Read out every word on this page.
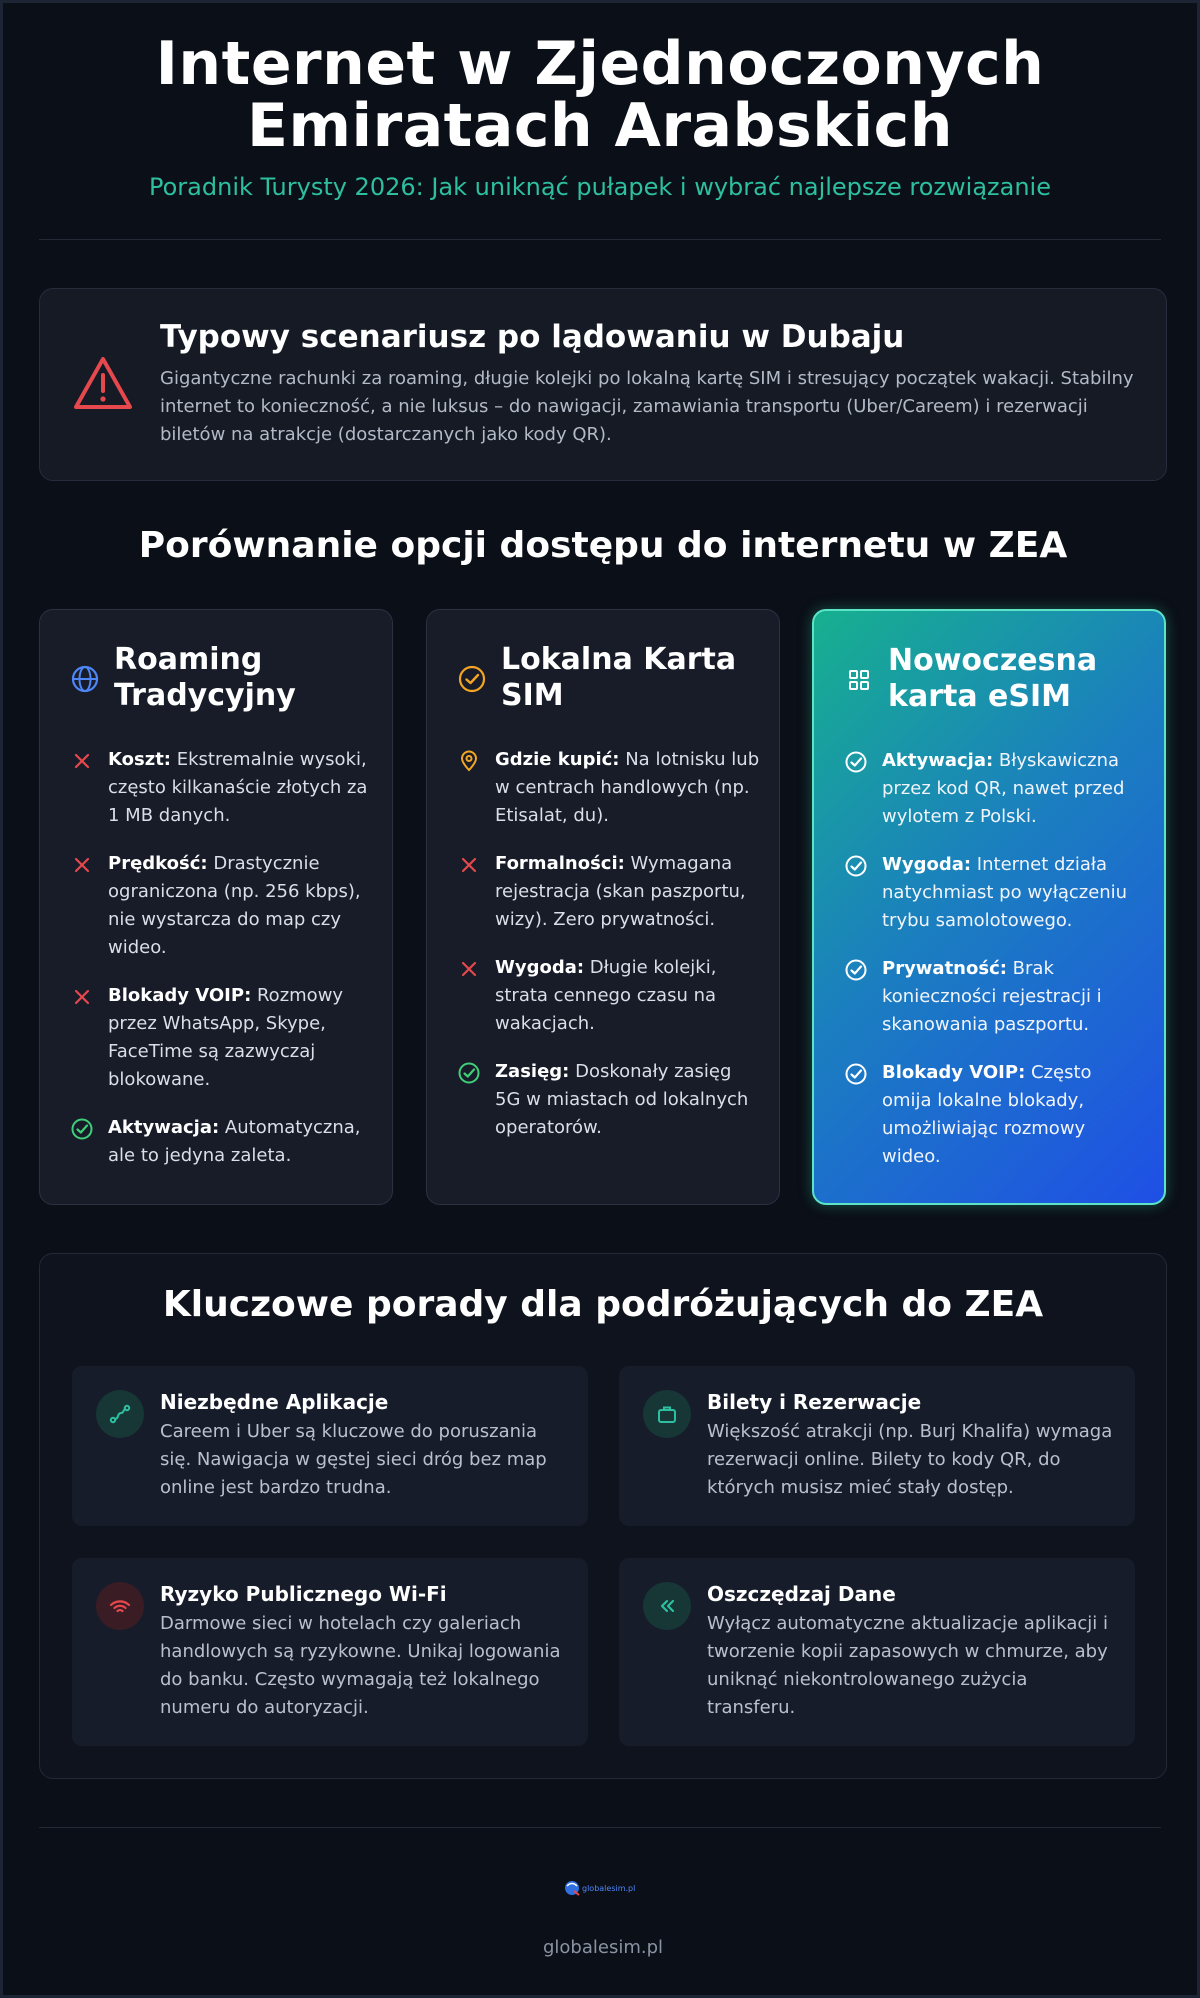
Internet w Zjednoczonych
Emiratach Arabskich
Poradnik Turysty 2026: Jak uniknąć pułapek i wybrać najlepsze rozwiązanie
Typowy scenariusz po lądowaniu w Dubaju

Gigantyczne rachunki za roaming, długie kolejki po lokalną kartę SIM i stresujący początek wakacji. Stabilny internet to konieczność, a nie luksus – do nawigacji, zamawiania transportu (Uber/Careem) i rezerwacji biletów na atrakcje (dostarczanych jako kody QR).

Porównanie opcji dostępu do internetu w ZEA
Roaming
Tradycyjny
Koszt: Ekstremalnie wysoki, często kilkanaście złotych za 1 MB danych.
Prędkość: Drastycznie ograniczona (np. 256 kbps), nie wystarcza do map czy wideo.
Blokady VOIP: Rozmowy przez WhatsApp, Skype, FaceTime są zazwyczaj blokowane.
Aktywacja: Automatyczna, ale to jedyna zaleta.
Lokalna Karta
SIM
Gdzie kupić: Na lotnisku lub w centrach handlowych (np. Etisalat, du).
Formalności: Wymagana rejestracja (skan paszportu, wizy). Zero prywatności.
Wygoda: Długie kolejki, strata cennego czasu na wakacjach.
Zasięg: Doskonały zasięg 5G w miastach od lokalnych operatorów.
Nowoczesna
karta eSIM
Aktywacja: Błyskawiczna przez kod QR, nawet przed wylotem z Polski.
Wygoda: Internet działa natychmiast po wyłączeniu trybu samolotowego.
Prywatność: Brak konieczności rejestracji i skanowania paszportu.
Blokady VOIP: Często omija lokalne blokady, umożliwiając rozmowy wideo.
Kluczowe porady dla podróżujących do ZEA
Niezbędne Aplikacje

Careem i Uber są kluczowe do poruszania się. Nawigacja w gęstej sieci dróg bez map online jest bardzo trudna.

Bilety i Rezerwacje

Większość atrakcji (np. Burj Khalifa) wymaga rezerwacji online. Bilety to kody QR, do których musisz mieć stały dostęp.

Ryzyko Publicznego Wi-Fi

Darmowe sieci w hotelach czy galeriach handlowych są ryzykowne. Unikaj logowania do banku. Często wymagają też lokalnego numeru do autoryzacji.

Oszczędzaj Dane

Wyłącz automatyczne aktualizacje aplikacji i tworzenie kopii zapasowych w chmurze, aby uniknąć niekontrolowanego zużycia transferu.

globalesim.pl
globalesim.pl
